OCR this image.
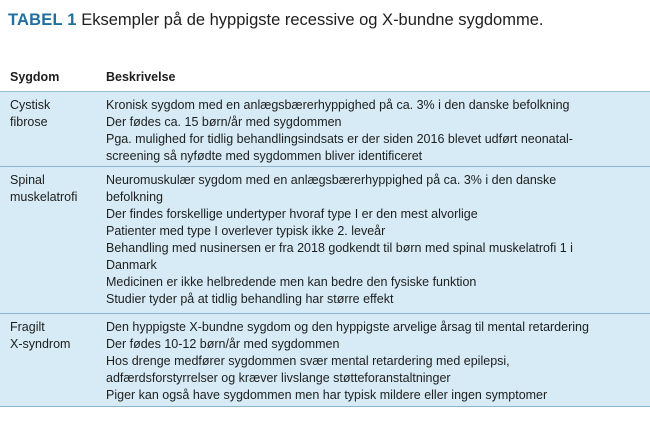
TABEL 1 Eksempler på de hyppigste recessive og X-bundne sygdomme.
Sygdom	Beskrivelse
Cystisk
fibrose
Kronisk sygdom med en anlægsbærerhyppighed på ca. 3% i den danske befolkning
Der fødes ca. 15 børn/år med sygdommen
Pga. mulighed for tidlig behandlingsindsats er der siden 2016 blevet udført neonatal-
screening så nyfødte med sygdommen bliver identificeret
Spinal
muskelatrofi
Neuromuskulær sygdom med en anlægsbærerhyppighed på ca. 3% i den danske
befolkning
Der findes forskellige undertyper hvoraf type I er den mest alvorlige
Patienter med type I overlever typisk ikke 2. leveår
Behandling med nusinersen er fra 2018 godkendt til børn med spinal muskelatrofi 1 i
Danmark
Medicinen er ikke helbredende men kan bedre den fysiske funktion
Studier tyder på at tidlig behandling har større effekt
Fragilt
X-syndrom
Den hyppigste X-bundne sygdom og den hyppigste arvelige årsag til mental retardering
Der fødes 10-12 børn/år med sygdommen
Hos drenge medfører sygdommen svær mental retardering med epilepsi,
adfærdsforstyrrelser og kræver livslange støtteforanstaltninger
Piger kan også have sygdommen men har typisk mildere eller ingen symptomer
